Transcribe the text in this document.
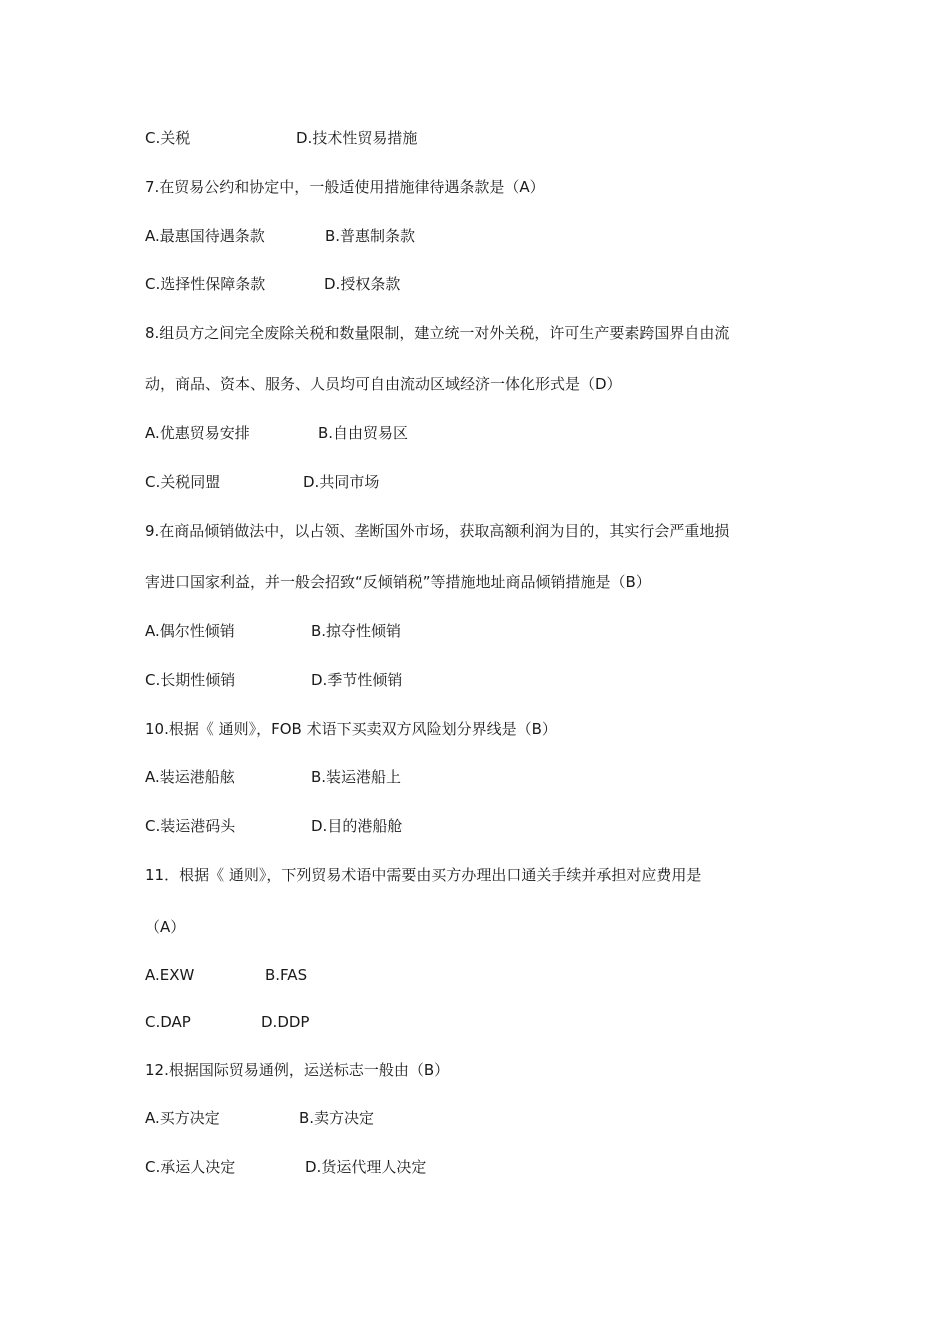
C.关税	D.技术性贸易措施
7.在贸易公约和协定中，一般适使用措施律待遇条款是（A）
A.最惠国待遇条款	B.普惠制条款
C.选择性保障条款	D.授权条款
8.组员方之间完全废除关税和数量限制，建立统一对外关税，许可生产要素跨国界自由流
动，商品、资本、服务、人员均可自由流动区域经济一体化形式是（D）
A.优惠贸易安排	B.自由贸易区
C.关税同盟	D.共同市场
9.在商品倾销做法中，以占领、垄断国外市场，获取高额利润为目的，其实行会严重地损
害进口国家利益，并一般会招致“反倾销税”等措施地址商品倾销措施是（B）
A.偶尔性倾销	B.掠夺性倾销
C.长期性倾销	D.季节性倾销
10.根据《 通则》，FOB 术语下买卖双方风险划分界线是（B）
A.装运港船舷	B.装运港船上
C.装运港码头	D.目的港船舱
11．根据《 通则》，下列贸易术语中需要由买方办理出口通关手续并承担对应费用是
（A）
A.EXW	B.FAS
C.DAP	D.DDP
12.根据国际贸易通例，运送标志一般由（B）
A.买方决定	B.卖方决定
C.承运人决定	D.货运代理人决定
